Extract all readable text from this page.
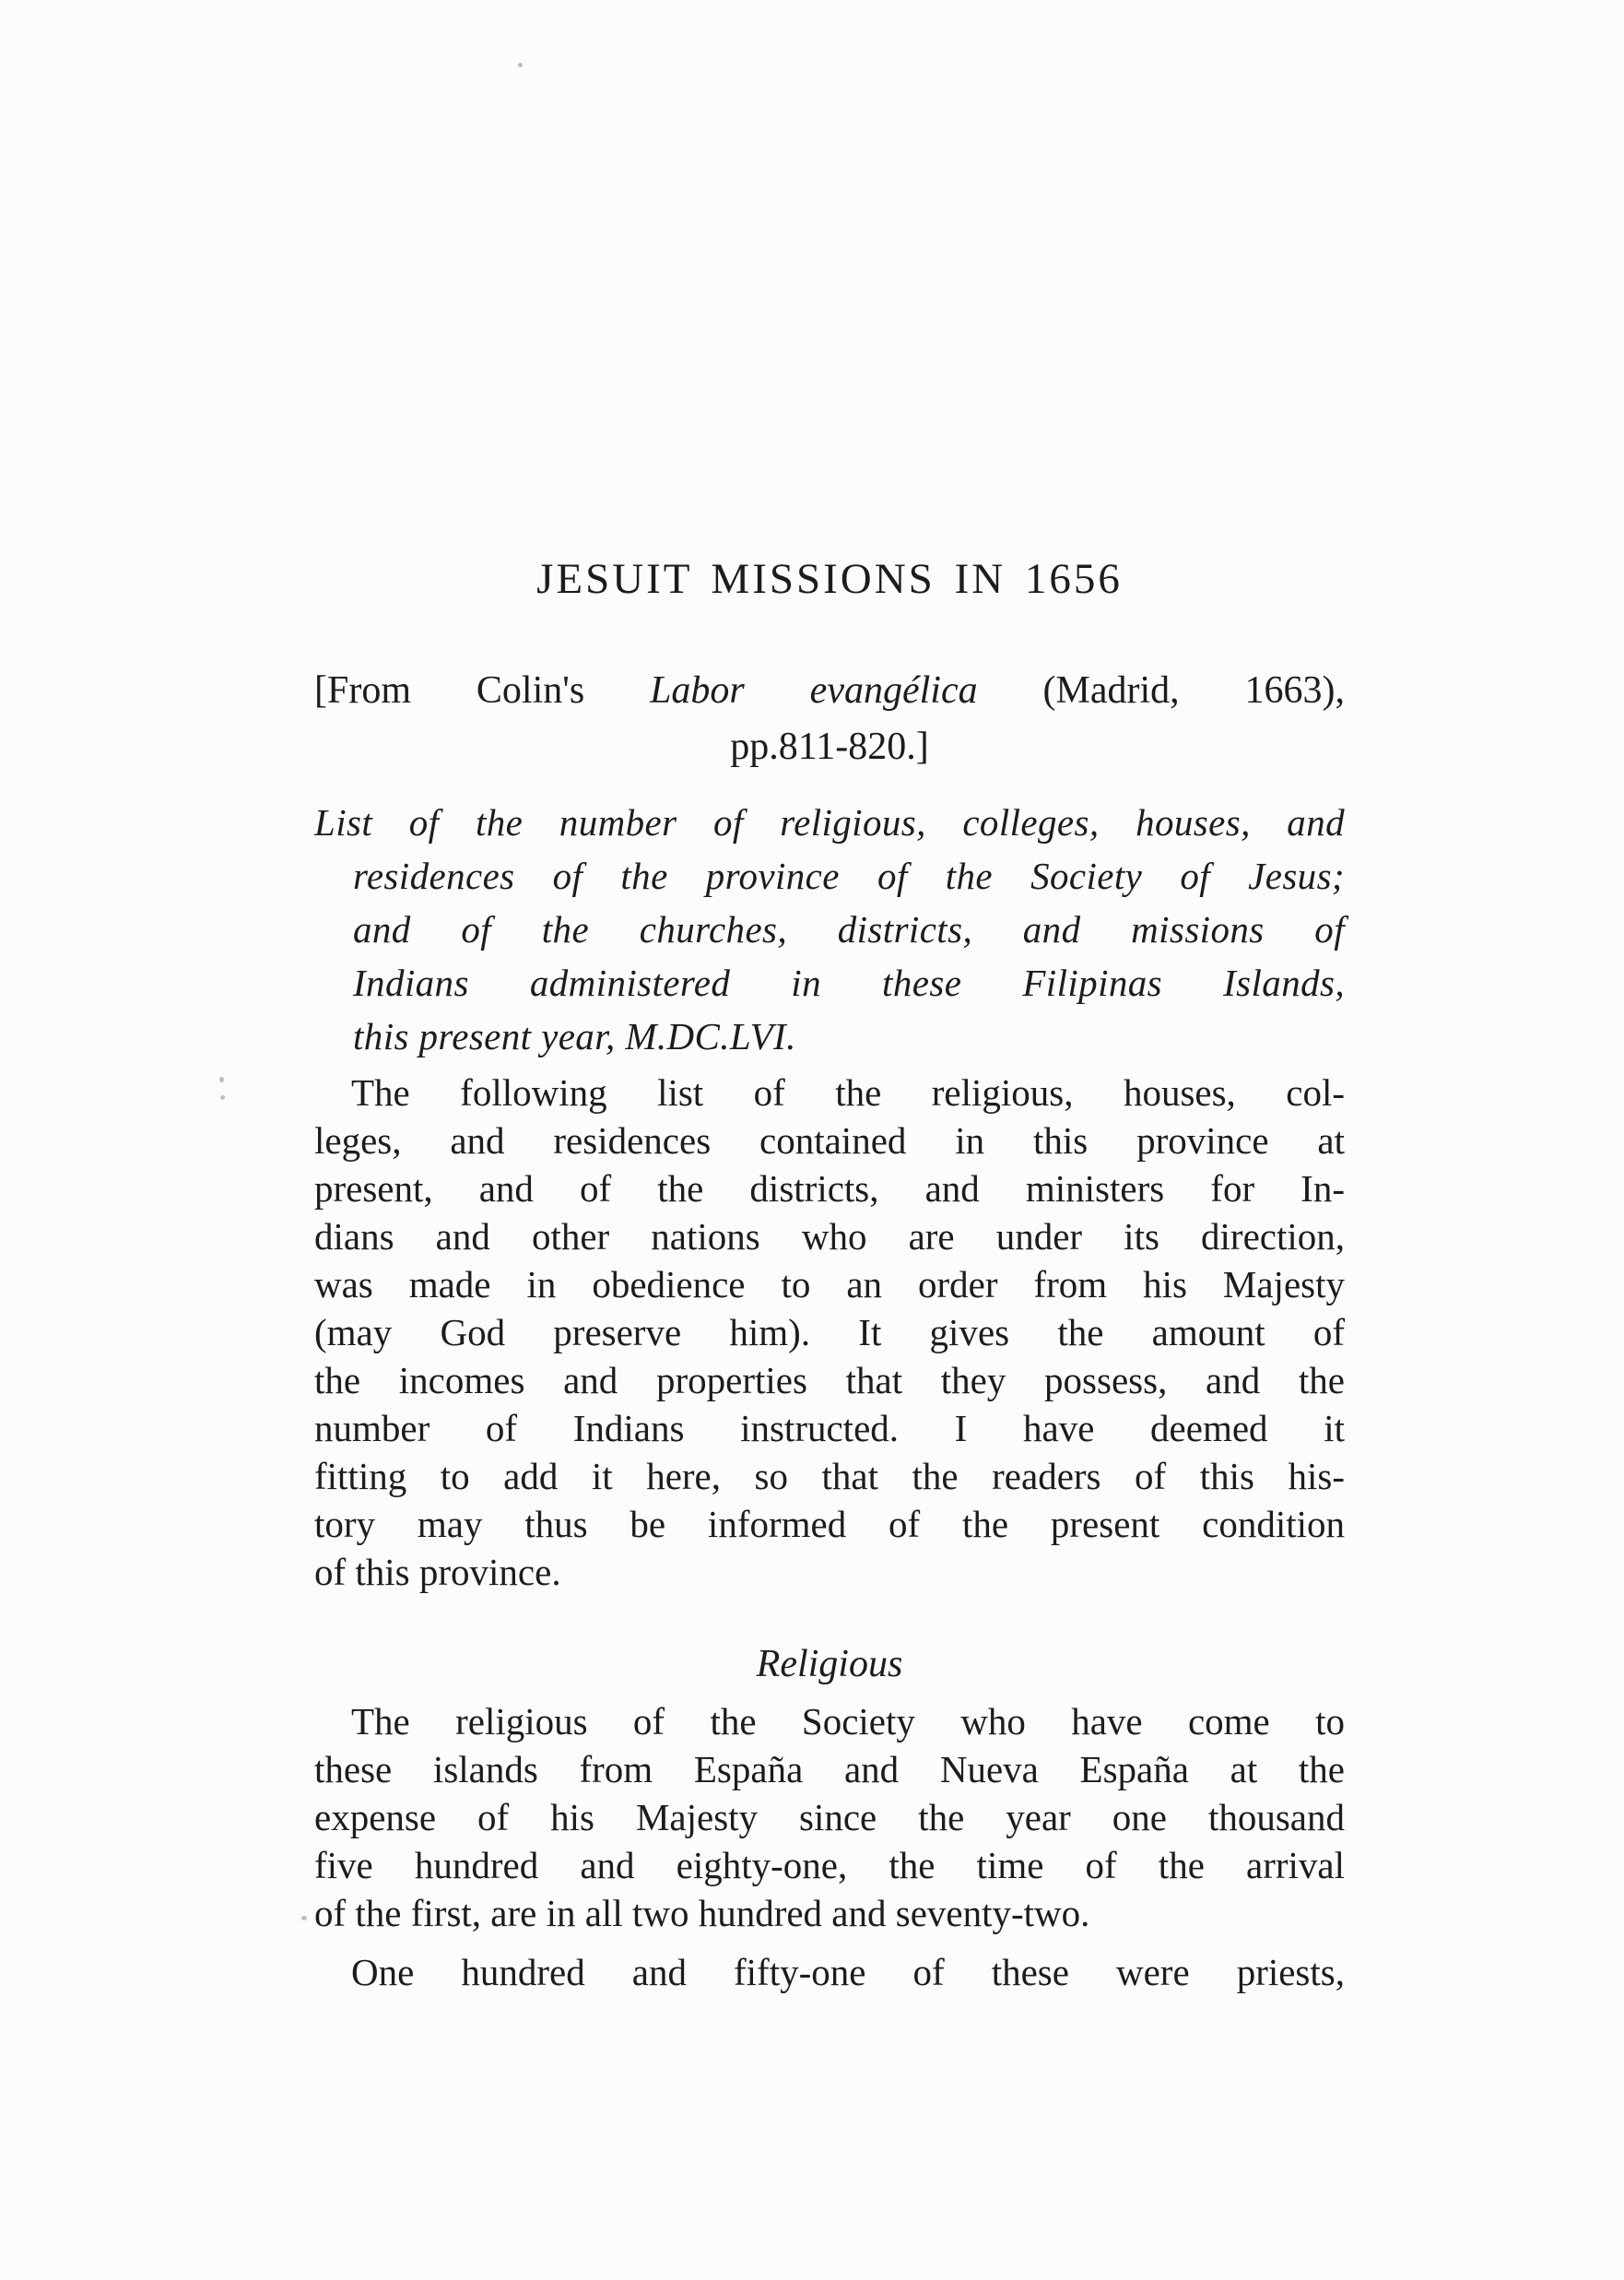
JESUIT MISSIONS IN 1656
[From Colin's Labor evangélica (Madrid, 1663),
pp.811-820.]
List of the number of religious, colleges, houses, and
residences of the province of the Society of Jesus;
and of the churches, districts, and missions of
Indians administered in these Filipinas Islands,
this present year, M.DC.LVI.
The following list of the religious, houses, col-
leges, and residences contained in this province at
present, and of the districts, and ministers for In-
dians and other nations who are under its direction,
was made in obedience to an order from his Majesty
(may God preserve him). It gives the amount of
the incomes and properties that they possess, and the
number of Indians instructed. I have deemed it
fitting to add it here, so that the readers of this his-
tory may thus be informed of the present condition
of this province.
Religious
The religious of the Society who have come to
these islands from España and Nueva España at the
expense of his Majesty since the year one thousand
five hundred and eighty-one, the time of the arrival
of the first, are in all two hundred and seventy-two.
One hundred and fifty-one of these were priests,
